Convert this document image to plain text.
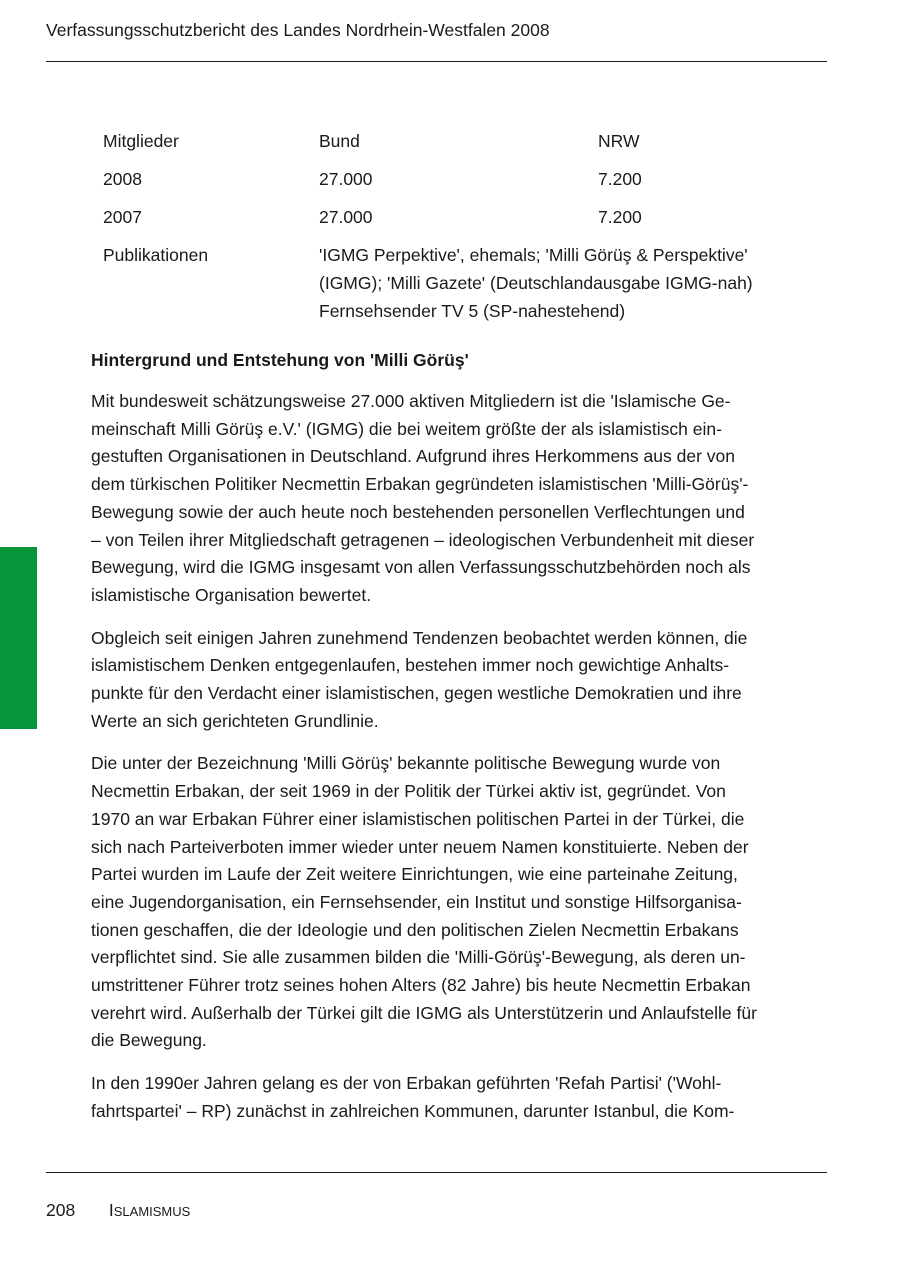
Verfassungsschutzbericht des Landes Nordrhein-Westfalen 2008
Mitglieder	Bund	NRW
2008	27.000	7.200
2007	27.000	7.200
Publikationen	'IGMG Perpektive', ehemals; 'Milli Görüş & Perspektive'
(IGMG); 'Milli Gazete' (Deutschlandausgabe IGMG-nah)
Fernsehsender TV 5 (SP-nahestehend)
Hintergrund und Entstehung von 'Milli Görüş'
Mit bundesweit schätzungsweise 27.000 aktiven Mitgliedern ist die 'Islamische Ge-
meinschaft Milli Görüş e.V.' (IGMG) die bei weitem größte der als islamistisch ein-
gestuften Organisationen in Deutschland. Aufgrund ihres Herkommens aus der von
dem türkischen Politiker Necmettin Erbakan gegründeten islamistischen 'Milli-Görüş'-
Bewegung sowie der auch heute noch bestehenden personellen Verflechtungen und
– von Teilen ihrer Mitgliedschaft getragenen – ideologischen Verbundenheit mit dieser
Bewegung, wird die IGMG insgesamt von allen Verfassungsschutzbehörden noch als
islamistische Organisation bewertet.
Obgleich seit einigen Jahren zunehmend Tendenzen beobachtet werden können, die
islamistischem Denken entgegenlaufen, bestehen immer noch gewichtige Anhalts-
punkte für den Verdacht einer islamistischen, gegen westliche Demokratien und ihre
Werte an sich gerichteten Grundlinie.
Die unter der Bezeichnung 'Milli Görüş' bekannte politische Bewegung wurde von
Necmettin Erbakan, der seit 1969 in der Politik der Türkei aktiv ist, gegründet. Von
1970 an war Erbakan Führer einer islamistischen politischen Partei in der Türkei, die
sich nach Parteiverboten immer wieder unter neuem Namen konstituierte. Neben der
Partei wurden im Laufe der Zeit weitere Einrichtungen, wie eine parteinahe Zeitung,
eine Jugendorganisation, ein Fernsehsender, ein Institut und sonstige Hilfsorganisa-
tionen geschaffen, die der Ideologie und den politischen Zielen Necmettin Erbakans
verpflichtet sind. Sie alle zusammen bilden die 'Milli-Görüş'-Bewegung, als deren un-
umstrittener Führer trotz seines hohen Alters (82 Jahre) bis heute Necmettin Erbakan
verehrt wird. Außerhalb der Türkei gilt die IGMG als Unterstützerin und Anlaufstelle für
die Bewegung.
In den 1990er Jahren gelang es der von Erbakan geführten 'Refah Partisi' ('Wohl-
fahrtspartei' – RP) zunächst in zahlreichen Kommunen, darunter Istanbul, die Kom-
208 ISLAMISMUS
